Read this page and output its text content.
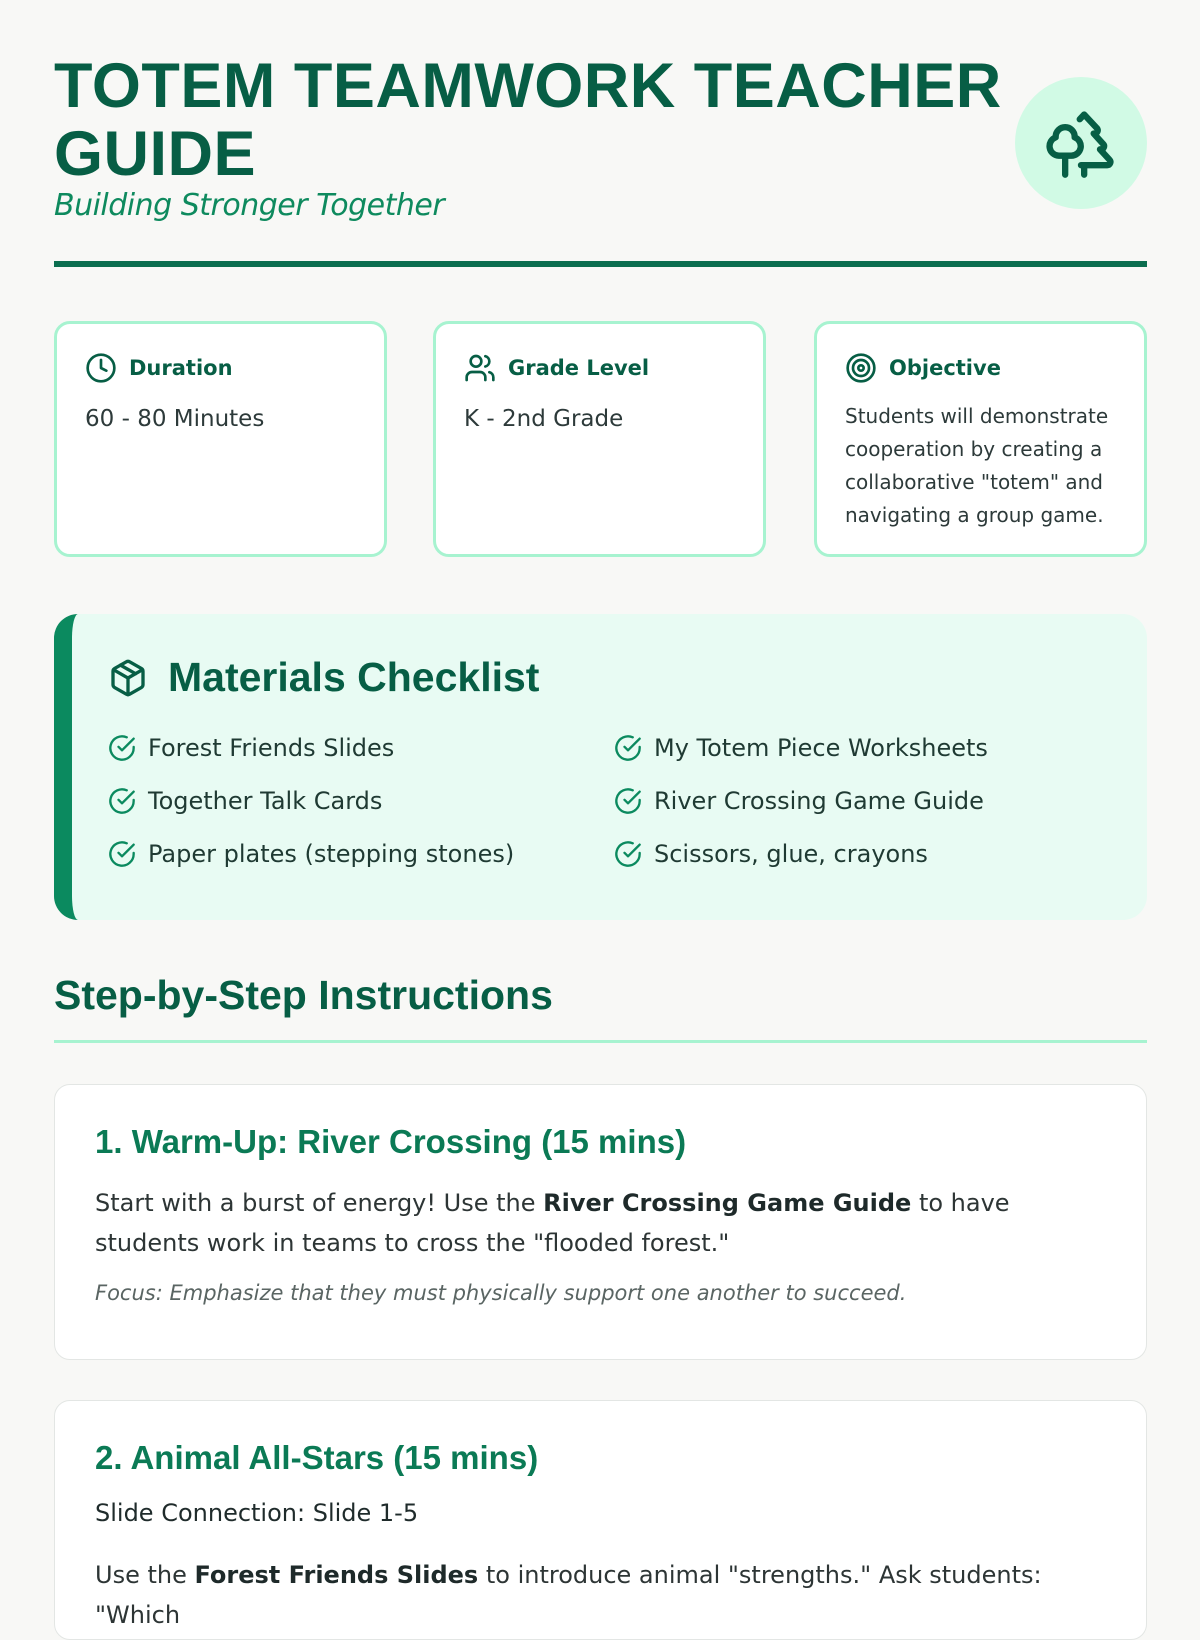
TOTEM TEAMWORK TEACHER GUIDE

Building Stronger Together

Duration
60 - 80 Minutes
Grade Level
K - 2nd Grade
Objective
Students will demonstrate cooperation by creating a collaborative "totem" and navigating a group game.
Materials Checklist
Forest Friends Slides	My Totem Piece Worksheets
Together Talk Cards	River Crossing Game Guide
Paper plates (stepping stones)	Scissors, glue, crayons
Step-by-Step Instructions
1. Warm-Up: River Crossing (15 mins)

Start with a burst of energy! Use the River Crossing Game Guide to have students work in teams to cross the "flooded forest."

Focus: Emphasize that they must physically support one another to succeed.

2. Animal All-Stars (15 mins)

Slide Connection: Slide 1-5

Use the Forest Friends Slides to introduce animal "strengths." Ask students: "Which
